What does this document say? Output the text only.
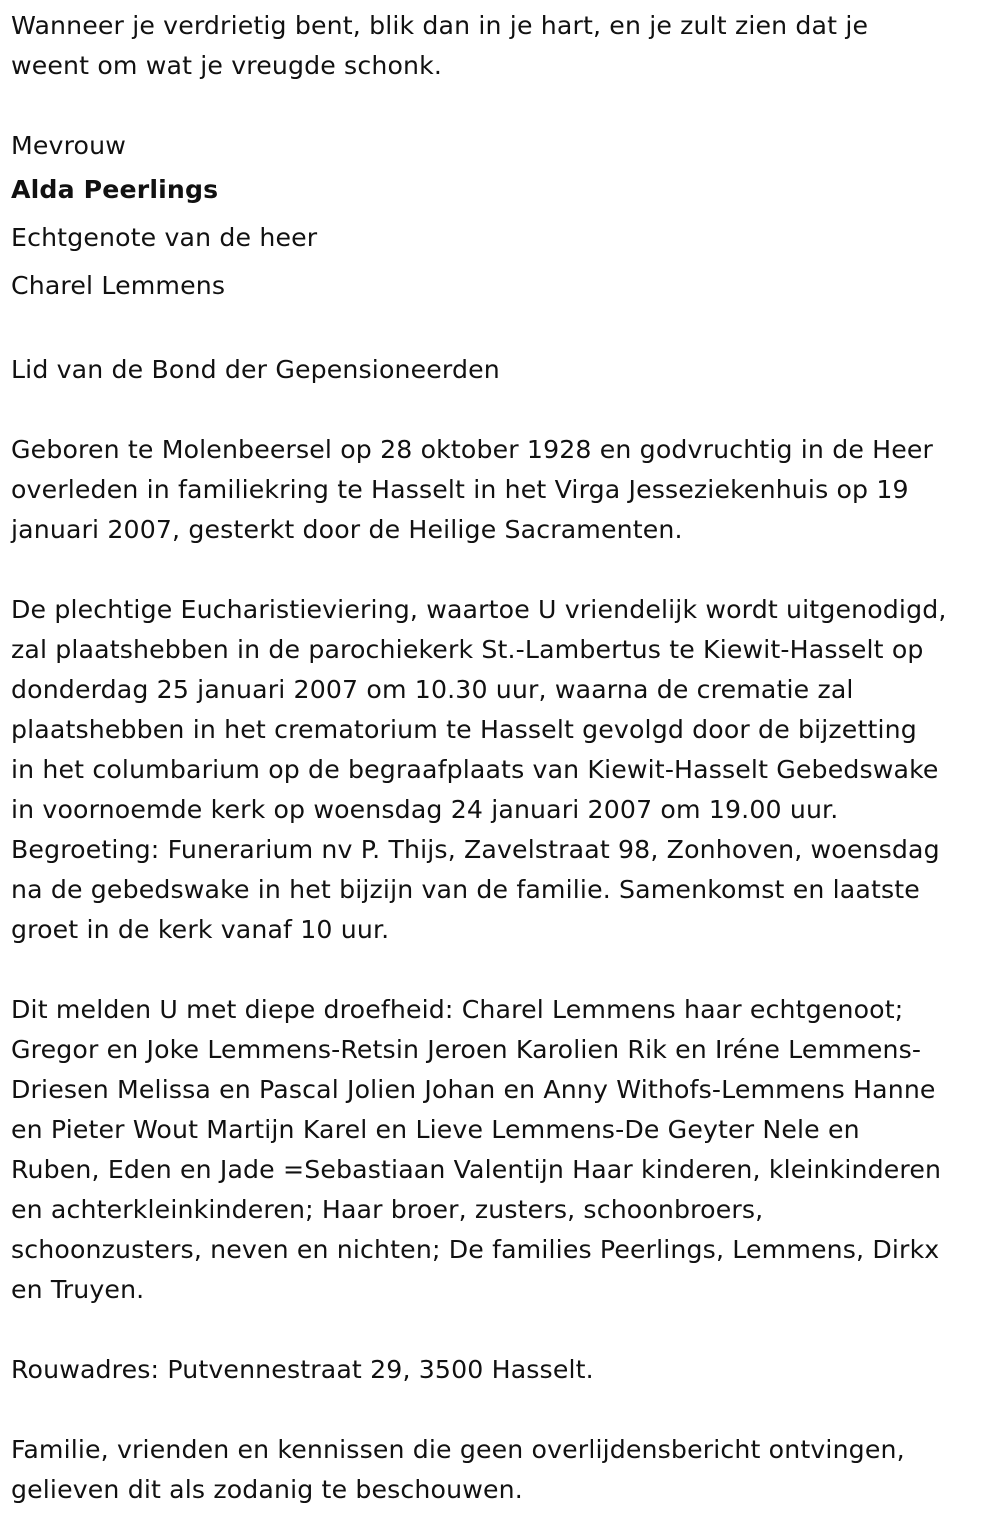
Wanneer je verdrietig bent, blik dan in je hart, en je zult zien dat je
weent om wat je vreugde schonk.

Mevrouw
Alda Peerlings
Echtgenote van de heer
Charel Lemmens

Lid van de Bond der Gepensioneerden

Geboren te Molenbeersel op 28 oktober 1928 en godvruchtig in de Heer
overleden in familiekring te Hasselt in het Virga Jesseziekenhuis op 19
januari 2007, gesterkt door de Heilige Sacramenten.

De plechtige Eucharistieviering, waartoe U vriendelijk wordt uitgenodigd,
zal plaatshebben in de parochiekerk St.-Lambertus te Kiewit-Hasselt op
donderdag 25 januari 2007 om 10.30 uur, waarna de crematie zal
plaatshebben in het crematorium te Hasselt gevolgd door de bijzetting
in het columbarium op de begraafplaats van Kiewit-Hasselt Gebedswake
in voornoemde kerk op woensdag 24 januari 2007 om 19.00 uur.
Begroeting: Funerarium nv P. Thijs, Zavelstraat 98, Zonhoven, woensdag
na de gebedswake in het bijzijn van de familie. Samenkomst en laatste
groet in de kerk vanaf 10 uur.

Dit melden U met diepe droefheid: Charel Lemmens haar echtgenoot;
Gregor en Joke Lemmens-Retsin Jeroen Karolien Rik en Iréne Lemmens-
Driesen Melissa en Pascal Jolien Johan en Anny Withofs-Lemmens Hanne
en Pieter Wout Martijn Karel en Lieve Lemmens-De Geyter Nele en
Ruben, Eden en Jade =Sebastiaan Valentijn Haar kinderen, kleinkinderen
en achterkleinkinderen; Haar broer, zusters, schoonbroers,
schoonzusters, neven en nichten; De families Peerlings, Lemmens, Dirkx
en Truyen.

Rouwadres: Putvennestraat 29, 3500 Hasselt.

Familie, vrienden en kennissen die geen overlijdensbericht ontvingen,
gelieven dit als zodanig te beschouwen.
